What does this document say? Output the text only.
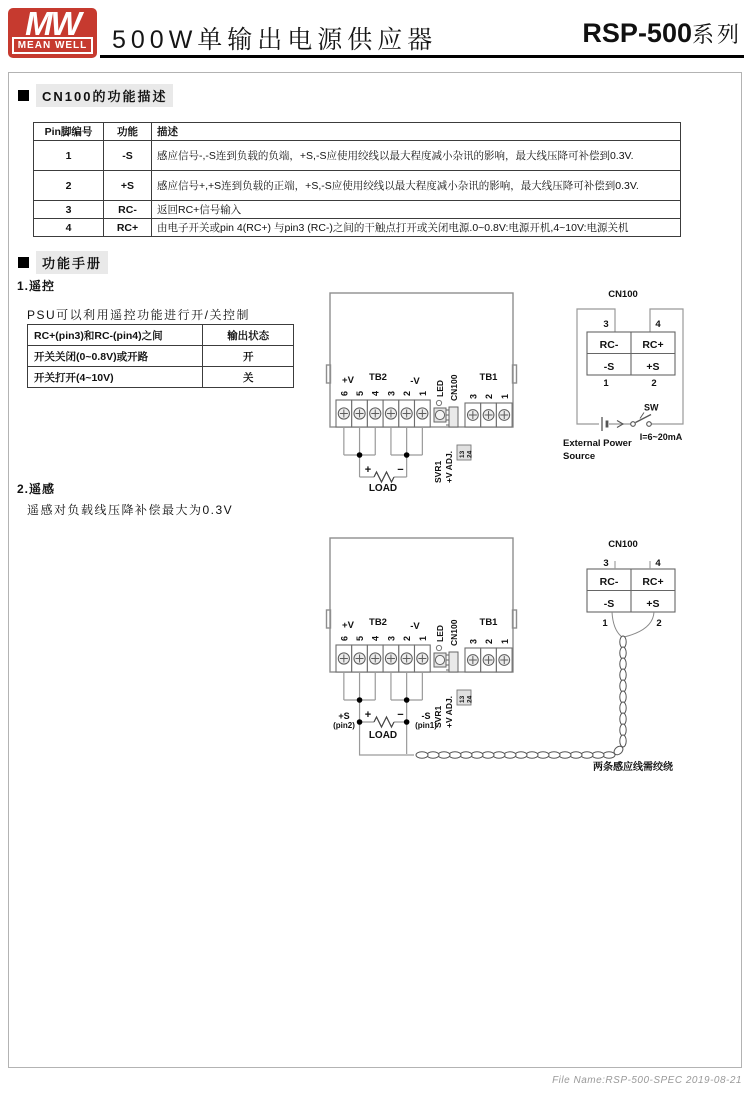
MW
MEAN WELL 500W单输出电源供应器	RSP-500系列
CN100的功能描述
Pin脚编号	功能	描述
1	-S	感应信号-,-S连到负载的负端，+S,-S应使用绞线以最大程度减小杂讯的影响，最大线压降可补偿到0.3V.
2	+S	感应信号+,+S连到负载的正端，+S,-S应使用绞线以最大程度减小杂讯的影响，最大线压降可补偿到0.3V.
3	RC-	返回RC+信号输入
4	RC+	由电子开关或pin 4(RC+) 与pin3 (RC-)之间的干触点打开或关闭电源.0~0.8V:电源开机,4~10V:电源关机
功能手册
1.遥控
PSU可以利用遥控功能进行开/关控制
RC+(pin3)和RC-(pin4)之间	输出状态
开关关闭(0~0.8V)或开路	开
开关打开(4~10V)	关
6 5 4 3 2 1
3 2 1
+V TB2 -V	TB1
LED CN100
SVR1 +V ADJ. 13 24
+ −
LOAD
CN100
SW
I=6~20mA
External Power
Source
3	4
RC- RC+
-S	+S
1	2
2.遥感
遥感对负载线压降补偿最大为0.3V
6 5 4 3 2 1
3 2 1
+V TB2 -V	TB1
LED CN100
SVR1 +V ADJ. 13 24
+ −
LOAD
+S
(pin2)
-S
(pin1)
CN100
3	4
RC- RC+
-S	+S
1	2
两条感应线需绞绕
File Name:RSP-500-SPEC 2019-08-21
